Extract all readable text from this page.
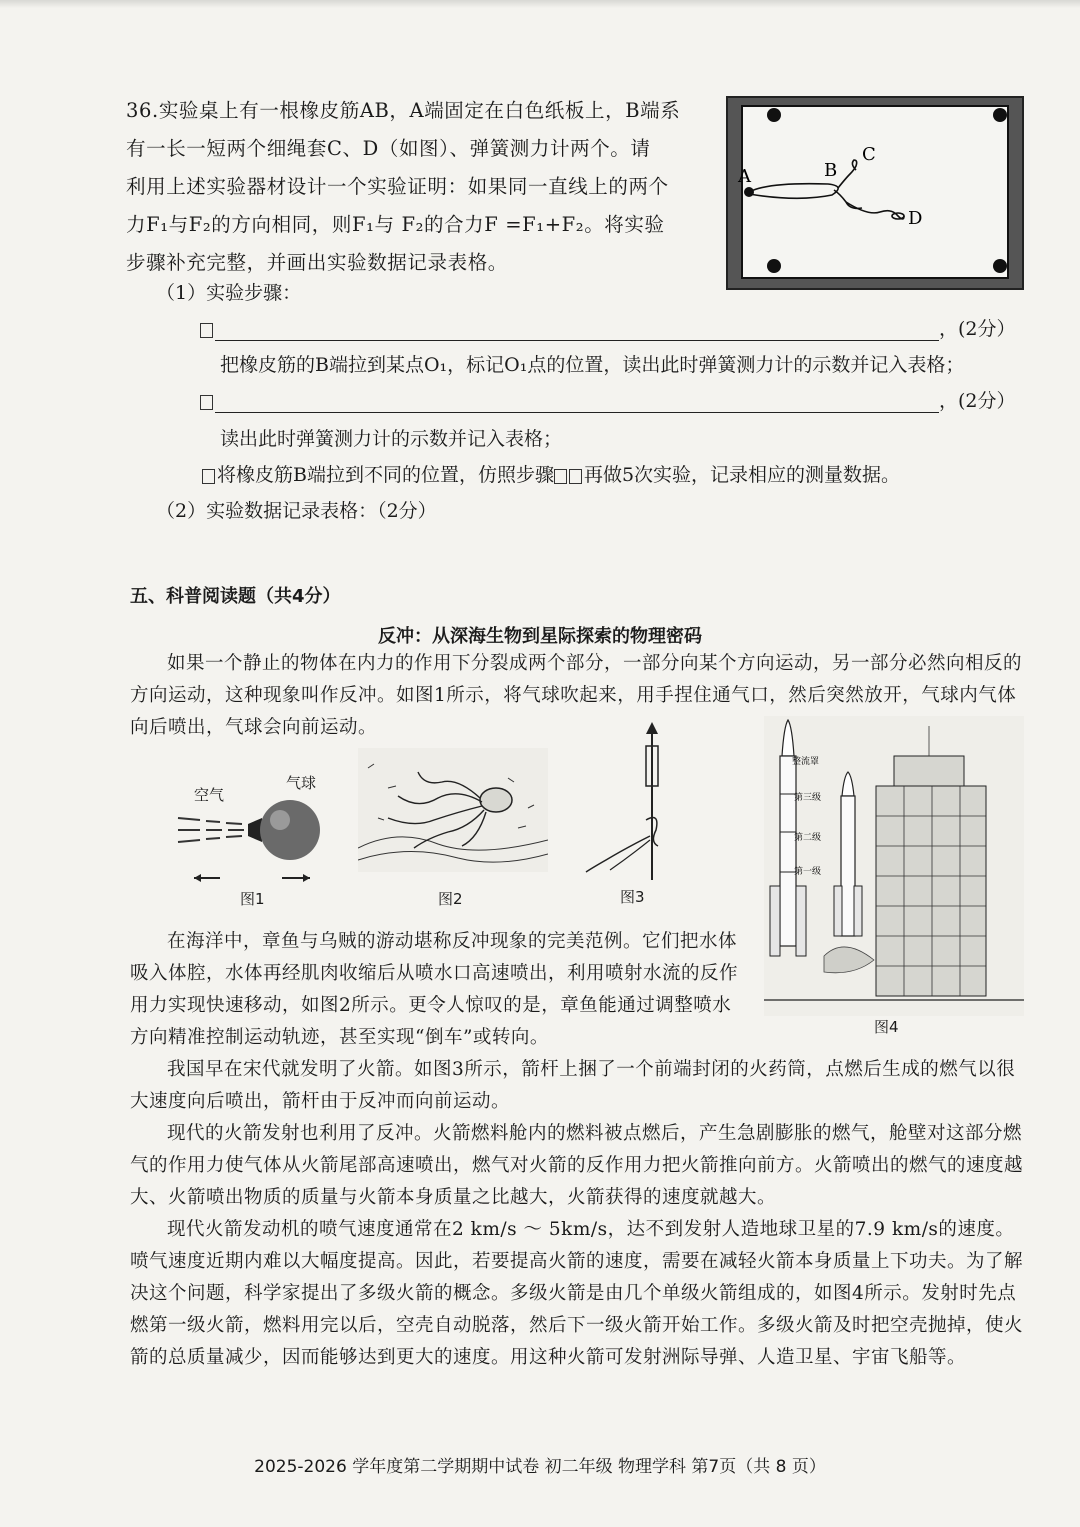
36.实验桌上有一根橡皮筋AB，A端固定在白色纸板上，B端系

有一长一短两个细绳套C、D（如图）、弹簧测力计两个。请

利用上述实验器材设计一个实验证明：如果同一直线上的两个

力F₁与F₂的方向相同，则F₁与 F₂的合力F =F₁+F₂。将实验

步骤补充完整，并画出实验数据记录表格。

A	B
C
D
（1）实验步骤：
，(2分）
把橡皮筋的B端拉到某点O₁，标记O₁点的位置，读出此时弹簧测力计的示数并记入表格；
，(2分）
读出此时弹簧测力计的示数并记入表格；
将橡皮筋B端拉到不同的位置，仿照步骤 再做5次实验，记录相应的测量数据。
（2）实验数据记录表格：（2分）
五、科普阅读题（共4分）
反冲：从深海生物到星际探索的物理密码

如果一个静止的物体在内力的作用下分裂成两个部分，一部分向某个方向运动，另一部分必然向相反的方向运动，这种现象叫作反冲。如图1所示，将气球吹起来，用手捏住通气口，然后突然放开，气球内气体向后喷出，气球会向前运动。

空气
气球
图1	图2	图3
整流罩
第三级
第二级
第一级
图4

在海洋中，章鱼与乌贼的游动堪称反冲现象的完美范例。它们把水体吸入体腔，水体再经肌肉收缩后从喷水口高速喷出，利用喷射水流的反作用力实现快速移动，如图2所示。更令人惊叹的是，章鱼能通过调整喷水方向精准控制运动轨迹，甚至实现“倒车”或转向。

我国早在宋代就发明了火箭。如图3所示，箭杆上捆了一个前端封闭的火药筒，点燃后生成的燃气以很大速度向后喷出，箭杆由于反冲而向前运动。

现代的火箭发射也利用了反冲。火箭燃料舱内的燃料被点燃后，产生急剧膨胀的燃气，舱壁对这部分燃气的作用力使气体从火箭尾部高速喷出，燃气对火箭的反作用力把火箭推向前方。火箭喷出的燃气的速度越大、火箭喷出物质的质量与火箭本身质量之比越大，火箭获得的速度就越大。

现代火箭发动机的喷气速度通常在2 km/s ～ 5km/s，达不到发射人造地球卫星的7.9 km/s的速度。喷气速度近期内难以大幅度提高。因此，若要提高火箭的速度，需要在减轻火箭本身质量上下功夫。为了解决这个问题，科学家提出了多级火箭的概念。多级火箭是由几个单级火箭组成的，如图4所示。发射时先点燃第一级火箭，燃料用完以后，空壳自动脱落，然后下一级火箭开始工作。多级火箭及时把空壳抛掉，使火箭的总质量减少，因而能够达到更大的速度。用这种火箭可发射洲际导弹、人造卫星、宇宙飞船等。

2025-2026 学年度第二学期期中试卷 初二年级 物理学科 第7页（共 8 页）
